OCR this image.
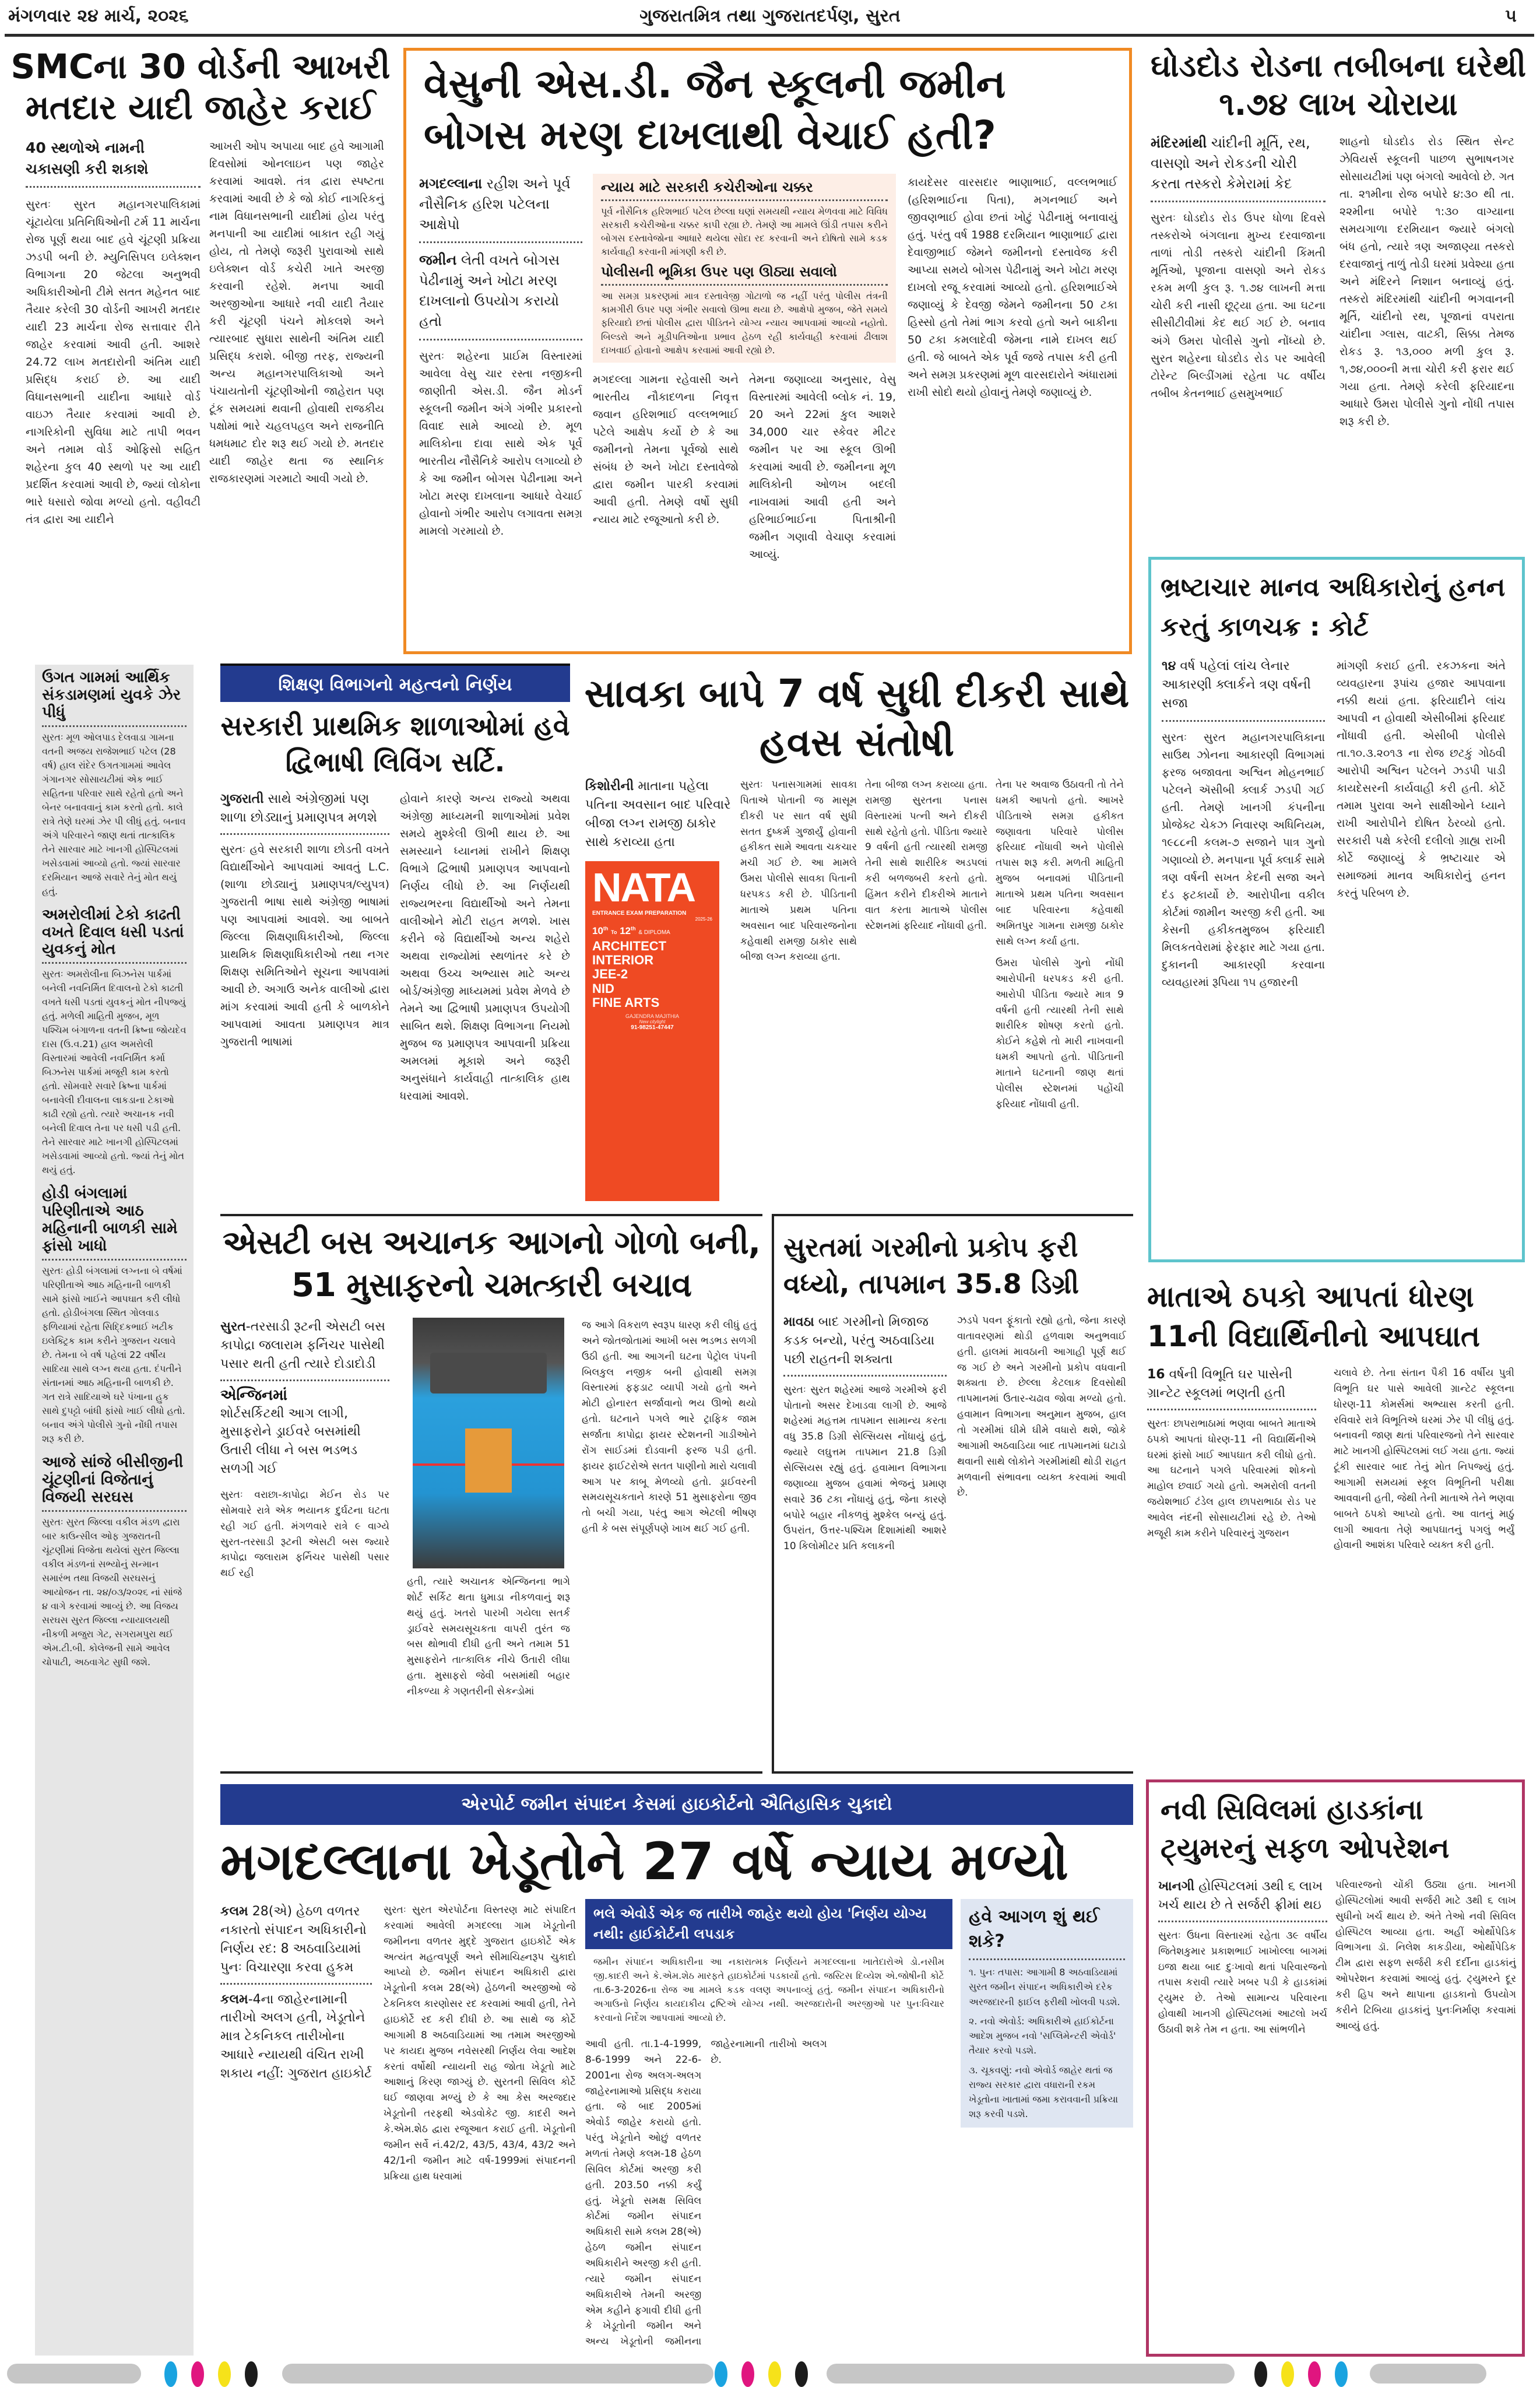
મંગળવાર ૨૪ માર્ચ, ૨૦૨૬	ગુજરાતમિત્ર તથા ગુજરાતદર્પણ, સુરત	૫
SMCના 30 વોર્ડની આખરી મતદાર યાદી જાહેર કરાઈ
40 સ્થળોએ નામની ચકાસણી કરી શકાશે
સુરતઃ સુરત મહાનગરપાલિકામાં ચૂંટાયેલા પ્રતિનિધિઓની ટર્મ 11 માર્ચના રોજ પૂર્ણ થયા બાદ હવે ચૂંટણી પ્રક્રિયા ઝડપી બની છે. મ્યુનિસિપલ ઇલેક્શન વિભાગના 20 જેટલા અનુભવી અધિકારીઓની ટીમે સતત મહેનત બાદ તૈયાર કરેલી 30 વોર્ડની આખરી મતદાર યાદી 23 માર્ચના રોજ સત્તાવાર રીતે જાહેર કરવામાં આવી હતી. આશરે 24.72 લાખ મતદારોની અંતિમ યાદી પ્રસિદ્ધ કરાઈ છે. આ યાદી વિધાનસભાની યાદીના આધારે વોર્ડ વાઇઝ તૈયાર કરવામાં આવી છે. નાગરિકોની સુવિધા માટે તાપી ભવન અને તમામ વોર્ડ ઓફિસો સહિત શહેરના કુલ 40 સ્થળો પર આ યાદી પ્રદર્શિત કરવામાં આવી છે, જ્યાં લોકોના ભારે ધસારો જોવા મળ્યો હતો. વહીવટી તંત્ર દ્વારા આ યાદીને
આખરી ઓપ અપાયા બાદ હવે આગામી દિવસોમાં ઓનલાઇન પણ જાહેર કરવામાં આવશે. તંત્ર દ્વારા સ્પષ્ટતા કરવામાં આવી છે કે જો કોઈ નાગરિકનું નામ વિધાનસભાની યાદીમાં હોય પરંતુ મનપાની આ યાદીમાં બાકાત રહી ગયું હોય, તો તેમણે જરૂરી પુરાવાઓ સાથે ઇલેક્શન વોર્ડ કચેરી ખાતે અરજી કરવાની રહેશે. મનપા આવી અરજીઓના આધારે નવી યાદી તૈયાર કરી ચૂંટણી પંચને મોકલશે અને ત્યારબાદ સુધારા સાથેની અંતિમ યાદી પ્રસિદ્ધ કરાશે. બીજી તરફ, રાજ્યની અન્ય મહાનગરપાલિકાઓ અને પંચાયતોની ચૂંટણીઓની જાહેરાત પણ ટૂંક સમયમાં થવાની હોવાથી રાજકીય પક્ષોમાં ભારે ચહલપહલ અને રાજનીતિ ધમધમાટ દોર શરૂ થઈ ગયો છે. મતદાર યાદી જાહેર થતા જ સ્થાનિક રાજકારણમાં ગરમાટો આવી ગયો છે.
વેસુની એસ.ડી. જૈન સ્કૂલની જમીન બોગસ મરણ દાખલાથી વેચાઈ હતી?
મગદલ્લાના રહીશ અને પૂર્વ નૌસૈનિક હરિશ પટેલના આક્ષેપો
જમીન લેતી વખતે બોગસ પેઢીનામું અને ખોટા મરણ દાખલાનો ઉપયોગ કરાયો હતો
સુરતઃ શહેરના પ્રાઈમ વિસ્તારમાં આવેલા વેસુ ચાર રસ્તા નજીકની જાણીતી એસ.ડી. જૈન મોડર્ન સ્કૂલની જમીન અંગે ગંભીર પ્રકારનો વિવાદ સામે આવ્યો છે. મૂળ માલિકોના દાવા સાથે એક પૂર્વ ભારતીય નૌસૈનિકે આરોપ લગાવ્યો છે કે આ જમીન બોગસ પેઢીનામા અને ખોટા મરણ દાખલાના આધારે વેચાઈ હોવાનો ગંભીર આરોપ લગાવતા સમગ્ર મામલો ગરમાયો છે.
ન્યાય માટે સરકારી કચેરીઓના ચક્કર
પૂર્વ નૌસૈનિક હરિશભાઈ પટેલ છેલ્લા ઘણાં સમયથી ન્યાય મેળવવા માટે વિવિધ સરકારી કચેરીઓના ચક્કર કાપી રહ્યા છે. તેમણે આ મામલે ઊંડી તપાસ કરીને બોગસ દસ્તાવેજોના આધારે થયેલા સોદા રદ કરવાની અને દોષિતો સામે કડક કાર્યવાહી કરવાની માંગણી કરી છે.
પોલીસની ભૂમિકા ઉપર પણ ઊઠ્યા સવાલો
આ સમગ્ર પ્રકરણમાં માત્ર દસ્તાવેજી ગોટાળો જ નહીં પરંતુ પોલીસ તંત્રની કામગીરી ઉપર પણ ગંભીર સવાલો ઊભા થયા છે. આક્ષેપો મુજબ, જેતે સમયે ફરિયાદો છતાં પોલીસ દ્વારા પીડિતને યોગ્ય ન્યાય આપવામાં આવ્યો નહોતો. બિલ્ડરો અને મૂડીપતિઓના પ્રભાવ હેઠળ રહી કાર્યવાહી કરવામાં ઢીલાશ દાખવાઈ હોવાનો આક્ષેપ કરવામાં આવી રહ્યો છે.
મગદલ્લા ગામના રહેવાસી અને ભારતીય નૌકાદળના નિવૃત્ત જવાન હરિશભાઈ વલ્લભભાઈ પટેલે આક્ષેપ કર્યો છે કે આ જમીનનો તેમના પૂર્વજો સાથે સંબંધ છે અને ખોટા દસ્તાવેજો દ્વારા જમીન પારકી કરવામાં આવી હતી. તેમણે વર્ષો સુધી ન્યાય માટે રજૂઆતો કરી છે.
તેમના જણાવ્યા અનુસાર, વેસુ વિસ્તારમાં આવેલી બ્લોક નં. 19, 20 અને 22માં કુલ આશરે 34,000 ચાર સ્કેવર મીટર જમીન પર આ સ્કૂલ ઊભી કરવામાં આવી છે. જમીનના મૂળ માલિકોની ઓળખ બદલી નાખવામાં આવી હતી અને હરિભાઈભાઈના પિતાશ્રીની જમીન ગણાવી વેચાણ કરવામાં આવ્યું.
કાયદેસર વારસદાર ભાણાભાઈ, વલ્લભભાઈ (હરિશભાઈના પિતા), મગનભાઈ અને જીવણભાઈ હોવા છતાં ખોટું પેઢીનામું બનાવાયું હતું. પરંતુ વર્ષ 1988 દરમિયાન ભાણાભાઈ દ્વારા દેવાજીભાઈ જેમને જમીનનો દસ્તાવેજ કરી આપ્યા સમયે બોગસ પેઢીનામું અને ખોટા મરણ દાખલો રજૂ કરવામાં આવ્યો હતો. હરિશભાઈએ જણાવ્યું કે દેવજી જેમને જમીનના 50 ટકા હિસ્સો હતો તેમાં ભાગ કરવો હતો અને બાકીના 50 ટકા કમલાદેવી જેમના નામે દાખલ થઈ હતી. જે બાબતે એક પૂર્વ જજે તપાસ કરી હતી અને સમગ્ર પ્રકરણમાં મૂળ વારસદારોને અંધારામાં રાખી સોદો થયો હોવાનું તેમણે જણાવ્યું છે.
ઘોડદોડ રોડના તબીબના ઘરેથી ૧.૭૪ લાખ ચોરાયા
મંદિરમાંથી ચાંદીની મૂર્તિ, રથ, વાસણો અને રોકડની ચોરી કરતા તસ્કરો કેમેરામાં કેદ
સુરતઃ ઘોડદોડ રોડ ઉપર ધોળા દિવસે તસ્કરોએ બંગલાના મુખ્ય દરવાજાના તાળાં તોડી તસ્કરો ચાંદીની કિંમતી મૂર્તિઓ, પૂજાના વાસણો અને રોકડ રકમ મળી કુલ રૂ. ૧.૭૪ લાખની મત્તા ચોરી કરી નાસી છૂટ્યા હતા. આ ઘટના સીસીટીવીમાં કેદ થઈ ગઈ છે. બનાવ અંગે ઉમરા પોલીસે ગુનો નોંધ્યો છે. સુરત શહેરના ઘોડદોડ રોડ પર આવેલી ટોરેન્ટ બિલ્ડીંગમાં રહેતા ૫૮ વર્ષીય તબીબ કેતનભાઈ હસમુખભાઈ
શાહનો ઘોડદોડ રોડ સ્થિત સેન્ટ ઝેવિયર્સ સ્કૂલની પાછળ સુભાષનગર સોસાયટીમાં પણ બંગલો આવેલો છે. ગત તા. ૨૧મીના રોજ બપોરે ૪:૩૦ થી તા. ૨૨મીના બપોરે ૧:૩૦ વાગ્યાના સમયગાળા દરમિયાન જ્યારે બંગલો બંધ હતો, ત્યારે ત્રણ અજાણ્યા તસ્કરો દરવાજાનું તાળું તોડી ઘરમાં પ્રવેશ્યા હતા અને મંદિરને નિશાન બનાવ્યું હતું. તસ્કરો મંદિરમાંથી ચાંદીની ભગવાનની મૂર્તિ, ચાંદીનો રથ, પૂજાનાં વપરાતા ચાંદીના ગ્લાસ, વાટકી, સિક્કા તેમજ રોકડ રૂ. ૧૩,૦૦૦ મળી કુલ રૂ. ૧,૭૪,૦૦૦ની મત્તા ચોરી કરી ફરાર થઈ ગયા હતા. તેમણે કરેલી ફરિયાદના આધારે ઉમરા પોલીસે ગુનો નોંધી તપાસ શરૂ કરી છે.
ભ્રષ્ટાચાર માનવ અધિકારોનું હનન કરતું કાળચક્ર : કોર્ટ
૧૪ વર્ષ પહેલાં લાંચ લેનાર આકારણી ક્લાર્કને ત્રણ વર્ષની સજા
સુરતઃ સુરત મહાનગરપાલિકાના સાઉથ ઝોનના આકારણી વિભાગમાં ફરજ બજાવતા અશ્વિન મોહનભાઈ પટેલને ઍસીબી ક્લાર્ક ઝડપી ગઈ હતી. તેમણે ખાનગી કંપનીના પ્રોજેક્ટ ચેકઝ નિવારણ અધિનિયમ, ૧૯૮૮ની કલમ-૭ સજાને પાત્ર ગુનો ગણાવ્યો છે. મનપાના પૂર્વ ક્લાર્ક સામે ત્રણ વર્ષની સખત કેદની સજા અને દંડ ફટકાર્યો છે. આરોપીના વકીલ કોર્ટમાં જામીન અરજી કરી હતી. આ કેસની હકીકતમુજબ ફરિયાદી મિલકતવેરામાં ફેરફાર માટે ગયા હતા. દુકાનની આકારણી કરવાના વ્યવહારમાં રૂપિયા ૧૫ હજારની
માંગણી કરાઈ હતી. રકઝકના અંતે વ્યવહારના રૂપાંચ હજાર આપવાના નક્કી થયાં હતા. ફરિયાદીને લાંચ આપવી ન હોવાથી એસીબીમાં ફરિયાદ નોંધાવી હતી. એસીબી પોલીસે તા.૧૦.૩.૨૦૧૩ ના રોજ છટકું ગોઠવી આરોપી અશ્વિન પટેલને ઝડપી પાડી કાયદેસરની કાર્યવાહી કરી હતી. કોર્ટે તમામ પુરાવા અને સાક્ષીઓને ધ્યાને રાખી આરોપીને દોષિત ઠેરવ્યો હતો. સરકારી પક્ષે કરેલી દલીલો ગ્રાહ્ય રાખી કોર્ટે જણાવ્યું કે ભ્રષ્ટાચાર એ સમાજમાં માનવ અધિકારોનું હનન કરતું પરિબળ છે.
ઉગત ગામમાં આર્થિક સંકડામણમાં યુવકે ઝેર પીધું
સુરતઃ મૂળ ઓલપાડ દેલવાડા ગામના વતની અજય રાજેશભાઈ પટેલ (28 વર્ષ) હાલ રાંદેર ઉગતગામમાં આવેલ ગંગાનગર સોસાયટીમાં એક ભાઈ સહિતના પરિવાર સાથે રહેતો હતો અને બેનર બનાવવાનું કામ કરતો હતો. કાલે રાત્રે તેણે ઘરમાં ઝેર પી લીધું હતું. બનાવ અંગે પરિવારને જાણ થતાં તાત્કાલિક તેને સારવાર માટે ખાનગી હોસ્પિટલમાં ખસેડવામાં આવ્યો હતો. જ્યાં સારવાર દરમિયાન આજે સવારે તેનું મોત થયું હતું.
અમરોલીમાં ટેકો કાઢતી વખતે દિવાલ ધસી પડતાં યુવકનું મોત
સુરતઃ અમરોલીના બિઝનેસ પાર્કમાં બનેલી નવનિર્મિત દિવાલનો ટેકો કાઢતી વખતે ધસી પડતાં યુવકનું મોત નીપજ્યું હતું. મળેલી માહિતી મુજબ, મૂળ પશ્ચિમ બંગાળના વતની ક્રિષ્ના જોયદેવ દાસ (ઉ.વ.21) હાલ અમરોલી વિસ્તારમાં આવેલી નવનિર્મિત કર્મા બિઝનેસ પાર્કમાં મજૂરી કામ કરતો હતો. સોમવારે સવારે ક્રિષ્ના પાર્કમાં બનાવેલી દીવાલના લાકડાના ટેકાઓ કાઢી રહ્યો હતો. ત્યારે અચાનક નવી બનેલી દિવાલ તેના પર ધસી પડી હતી. તેને સારવાર માટે ખાનગી હોસ્પિટલમાં ખસેડવામાં આવ્યો હતો. જ્યાં તેનું મોત થયું હતું.
હોડી બંગલામાં પરિણીતાએ આઠ મહિનાની બાળકી સામે ફાંસો ખાધો
સુરતઃ હોડી બંગલામાં લગ્નના બે વર્ષમાં પરિણીતાએ આઠ મહિનાની બાળકી સામે ફાંસો ખાઈને આપઘાત કરી લીધો હતો. હોડીબંગલા સ્થિત ગોલવાડ ફળિયામાં રહેતા સિદ્દિકભાઈ ખટીક ઇલેક્ટ્રિક કામ કરીને ગુજરાન ચલાવે છે. તેમના બે વર્ષ પહેલાં 22 વર્ષીય સાદિયા સાથે લગ્ન થયા હતા. દંપતીને સંતાનમાં આઠ મહિનાની બાળકી છે. ગત રાત્રે સાદિયાએ ઘરે પંખાના હુક સાથે દુપટ્ટો બાંધી ફાંસો ખાઈ લીધો હતો. બનાવ અંગે પોલીસે ગુનો નોંધી તપાસ શરૂ કરી છે.
આજે સાંજે બીસીજીની ચૂંટણીનાં વિજેતાનું વિજયી સરઘસ
સુરતઃ સુરત જિલ્લા વકીલ મંડળ દ્વારા બાર કાઉન્સીલ ઓફ ગુજરાતની ચૂંટણીમાં વિજેતા થયેલાં સુરત જિલ્લા વકીલ મંડળનાં સભ્યોનું સન્માન સમારંભ તથા વિજયી સરઘસનું આયોજન તા. ૨૪/૦૩/૨૦૨૬ નાં સાંજે ૪ વાગે કરવામાં આવ્યું છે. આ વિજય સરઘસ સુરત જિલ્લા ન્યાયાલયથી નીકળી મજુરા ગેટ, સગરામપુરા થઈ એમ.ટી.બી. કોલેજની સામે આવેલ ચોપાટી, અઠવાગેટ સુધી જશે.
શિક્ષણ વિભાગનો મહત્વનો નિર્ણય
સરકારી પ્રાથમિક શાળાઓમાં હવે દ્વિભાષી લિવિંગ સર્ટિ.
ગુજરાતી સાથે અંગ્રેજીમાં પણ શાળા છોડ્યાનું પ્રમાણપત્ર મળશે
સુરતઃ હવે સરકારી શાળા છોડતી વખતે વિદ્યાર્થીઓને આપવામાં આવતું L.C. (શાળા છોડ્યાનું પ્રમાણપત્ર/લ્યુપત્ર) ગુજરાતી ભાષા સાથે અંગ્રેજી ભાષામાં પણ આપવામાં આવશે. આ બાબતે જિલ્લા શિક્ષણાધિકારીઓ, જિલ્લા પ્રાથમિક શિક્ષણાધિકારીઓ તથા નગર શિક્ષણ સમિતિઓને સૂચના આપવામાં આવી છે. અગાઉ અનેક વાલીઓ દ્વારા માંગ કરવામાં આવી હતી કે બાળકોને આપવામાં આવતા પ્રમાણપત્ર માત્ર ગુજરાતી ભાષામાં
હોવાને કારણે અન્ય રાજ્યો અથવા અંગ્રેજી માધ્યમની શાળાઓમાં પ્રવેશ સમયે મુશ્કેલી ઊભી થાય છે. આ સમસ્યાને ધ્યાનમાં રાખીને શિક્ષણ વિભાગે દ્વિભાષી પ્રમાણપત્ર આપવાનો નિર્ણય લીધો છે. આ નિર્ણયથી રાજ્યભરના વિદ્યાર્થીઓ અને તેમના વાલીઓને મોટી રાહત મળશે. ખાસ કરીને જે વિદ્યાર્થીઓ અન્ય શહેરો અથવા રાજ્યોમાં સ્થળાંતર કરે છે અથવા ઉચ્ચ અભ્યાસ માટે અન્ય બોર્ડ/અંગ્રેજી માધ્યમમાં પ્રવેશ મેળવે છે તેમને આ દ્વિભાષી પ્રમાણપત્ર ઉપયોગી સાબિત થશે. શિક્ષણ વિભાગના નિયમો મુજબ જ પ્રમાણપત્ર આપવાની પ્રક્રિયા અમલમાં મૂકાશે અને જરૂરી અનુસંધાને કાર્યવાહી તાત્કાલિક હાથ ધરવામાં આવશે.
સાવકા બાપે 7 વર્ષ સુધી દીકરી સાથે હવસ સંતોષી
કિશોરીની માતાના પહેલા પતિના અવસાન બાદ પરિવારે બીજા લગ્ન રામજી ઠાકોર સાથે કરાવ્યા હતા
NATA
ENTRANCE EXAM PREPARATION
2025-26
10th To 12th & DIPLOMA
ARCHITECT
INTERIOR
JEE-2
NID
FINE ARTS
GAJENDRA MAJITHIA
New citylight
91-98251-47447
સુરતઃ પનાસગામમાં સાવકા પિતાએ પોતાની જ માસૂમ દીકરી પર સાત વર્ષ સુધી સતત દુષ્કર્મ ગુજાર્યું હોવાની હકીકત સામે આવતા ચકચાર મચી ગઈ છે. આ મામલે ઉમરા પોલીસે સાવકા પિતાની ધરપકડ કરી છે. પીડિતાની માતાએ પ્રથમ પતિના અવસાન બાદ પરિવારજનોના કહેવાથી રામજી ઠાકોર સાથે બીજા લગ્ન કરાવ્યા હતા.
તેના બીજા લગ્ન કરાવ્યા હતા. રામજી સુરતના પનાસ વિસ્તારમાં પત્ની અને દીકરી સાથે રહેતો હતો. પીડિતા જ્યારે 9 વર્ષની હતી ત્યારથી રામજી તેની સાથે શારીરિક અડપલાં કરી બળજબરી કરતો હતો. હિંમત કરીને દીકરીએ માતાને વાત કરતા માતાએ પોલીસ સ્ટેશનમાં ફરિયાદ નોંધાવી હતી.
તેના પર અવાજ ઉઠાવતી તો તેને ધમકી આપતો હતો. આખરે પીડિતાએ સમગ્ર હકીકત જણાવતા પરિવારે પોલીસ ફરિયાદ નોંધાવી અને પોલીસે તપાસ શરૂ કરી. મળતી માહિતી મુજબ બનાવમાં પીડિતાની માતાએ પ્રથમ પતિના અવસાન બાદ પરિવારના કહેવાથી અમિતપુર ગામના રામજી ઠાકોર સાથે લગ્ન કર્યા હતા.
ઉમરા પોલીસે ગુનો નોંધી આરોપીની ધરપકડ કરી હતી. આરોપી પીડિતા જ્યારે માત્ર 9 વર્ષની હતી ત્યારથી તેની સાથે શારીરિક શોષણ કરતો હતો. કોઈને કહેશે તો મારી નાખવાની ધમકી આપતો હતો. પીડિતાની માતાને ઘટનાની જાણ થતાં પોલીસ સ્ટેશનમાં પહોંચી ફરિયાદ નોંધાવી હતી.
એસટી બસ અચાનક આગનો ગોળો બની, 51 મુસાફરનો ચમત્કારી બચાવ
સુરત-તરસાડી રૂટની એસટી બસ કાપોદ્રા જલારામ ફર્નિચર પાસેથી પસાર થતી હતી ત્યારે દોડાદોડી
એન્જિનમાં
શોર્ટસર્કિટથી આગ લાગી, મુસાફરોને ડ્રાઈવરે બસમાંથી ઉતારી લીધા ને બસ ભડભડ સળગી ગઈ
સુરતઃ વરાછા-કાપોદ્રા મેઈન રોડ પર સોમવારે રાત્રે એક ભયાનક દુર્ઘટના ઘટતા રહી ગઈ હતી. મંગળવારે રાત્રે ૯ વાગ્યે સુરત-તરસાડી રૂટની એસટી બસ જ્યારે કાપોદ્રા જલારામ ફર્નિચર પાસેથી પસાર થઈ રહી
હતી, ત્યારે અચાનક એન્જિનના ભાગે શોર્ટ સર્કિટ થતા ધુમાડા નીકળવાનું શરૂ થયું હતું. ખતરો પારખી ગયેલા સતર્ક ડ્રાઈવરે સમયસૂચકતા વાપરી તુરંત જ બસ થોભાવી દીધી હતી અને તમામ 51 મુસાફરોને તાત્કાલિક નીચે ઉતારી લીધા હતા. મુસાફરો જેવી બસમાંથી બહાર નીકળ્યા કે ગણતરીની સેકન્ડોમાં
જ આગે વિકરાળ સ્વરૂપ ધારણ કરી લીધું હતું અને જોતજોતામાં આખી બસ ભડભડ સળગી ઉઠી હતી. આ આગની ઘટના પેટ્રોલ પંપની બિલકુલ નજીક બની હોવાથી સમગ્ર વિસ્તારમાં ફફડાટ વ્યાપી ગયો હતો અને મોટી હોનારત સર્જાવાનો ભય ઊભો થયો હતો. ઘટનાને પગલે ભારે ટ્રાફિક જામ સર્જાતા કાપોદ્રા ફાયર સ્ટેશનની ગાડીઓને રોંગ સાઈડમાં દોડવાની ફરજ પડી હતી. ફાયર ફાઈટરોએ સતત પાણીનો મારો ચલાવી આગ પર કાબૂ મેળવ્યો હતો. ડ્રાઈવરની સમયસૂચકતાને કારણે 51 મુસાફરોના જીવ તો બચી ગયા, પરંતુ આગ એટલી ભીષણ હતી કે બસ સંપૂર્ણપણે ખાખ થઈ ગઈ હતી.
સુરતમાં ગરમીનો પ્રકોપ ફરી વધ્યો, તાપમાન 35.8 ડિગ્રી
માવઠા બાદ ગરમીનો મિજાજ કડક બન્યો, પરંતુ અઠવાડિયા પછી રાહતની શક્યતા
સુરતઃ સુરત શહેરમાં આજે ગરમીએ ફરી પોતાનો અસર દેખાડવા લાગી છે. આજે શહેરમાં મહત્તમ તાપમાન સામાન્ય કરતા વધુ 35.8 ડિગ્રી સેલ્સિયસ નોંધાયું હતું, જ્યારે લઘુત્તમ તાપમાન 21.8 ડિગ્રી સેલ્સિયસ રહ્યું હતું. હવામાન વિભાગના જણાવ્યા મુજબ હવામાં ભેજનું પ્રમાણ સવારે 36 ટકા નોંધાયું હતું, જેના કારણે બપોરે બહાર નીકળવું મુશ્કેલ બન્યું હતું. ઉપરાંત, ઉત્તર-પશ્ચિમ દિશામાંથી આશરે 10 કિલોમીટર પ્રતિ કલાકની
ઝડપે પવન ફૂંકાતો રહ્યો હતો, જેના કારણે વાતાવરણમાં થોડી હળવાશ અનુભવાઈ હતી. હાલમાં માવઠાની આગાહી પૂર્ણ થઈ જ ગઈ છે અને ગરમીનો પ્રકોપ વધવાની શક્યતા છે. છેલ્લા કેટલાક દિવસોથી તાપમાનમાં ઉતાર-ચઢાવ જોવા મળ્યો હતો. હવામાન વિભાગના અનુમાન મુજબ, હાલ તો ગરમીમાં ઘીમે ઘીમે વધારો થશે, જોકે આગામી અઠવાડિયા બાદ તાપમાનમાં ઘટાડો થવાની સાથે લોકોને ગરમીમાંથી થોડી રાહત મળવાની સંભાવના વ્યક્ત કરવામાં આવી છે.
માતાએ ઠપકો આપતાં ધોરણ 11ની વિદ્યાર્થિનીનો આપઘાત
16 વર્ષની વિભૂતિ ઘર પાસેની ગ્રાન્ટેટ સ્કૂલમાં ભણતી હતી
સુરતઃ છાપરાભાઠામાં ભણવા બાબતે માતાએ ઠપકો આપતાં ધોરણ-11 ની વિદ્યાર્થિનીએ ઘરમાં ફાંસો ખાઈ આપઘાત કરી લીધો હતો. આ ઘટનાને પગલે પરિવારમાં શોકનો માહોલ છવાઈ ગયો હતો. અમરોલી વતની જયેશભાઈ ટંડેલ હાલ છાપરાભાઠા રોડ પર આવેલ નંદની સોસાયટીમાં રહે છે. તેઓ મજૂરી કામ કરીને પરિવારનું ગુજરાન
ચલાવે છે. તેના સંતાન પૈકી 16 વર્ષીય પુત્રી વિભૂતિ ઘર પાસે આવેલી ગ્રાન્ટેટ સ્કૂલના ધોરણ-11 કોમર્સમાં અભ્યાસ કરતી હતી. રવિવારે રાત્રે વિભૂતિએ ઘરમાં ઝેર પી લીધું હતું. બનાવની જાણ થતાં પરિવારજનો તેને સારવાર માટે ખાનગી હોસ્પિટલમાં લઈ ગયા હતા. જ્યાં ટૂંકી સારવાર બાદ તેનું મોત નિપજ્યું હતું. આગામી સમયમાં સ્કૂલ વિભૂતિની પરીક્ષા આવવાની હતી, જેથી તેની માતાએ તેને ભણવા બાબતે ઠપકો આપ્યો હતો. આ વાતનું માઠું લાગી આવતા તેણે આપઘાતનું પગલું ભર્યું હોવાની આશંકા પરિવારે વ્યક્ત કરી હતી.
નવી સિવિલમાં હાડકાંના ટ્યુમરનું સફળ ઓપરેશન
ખાનગી હોસ્પિટલમાં ૩થી ૬ લાખ ખર્ચ થાય છે તે સર્જરી ફ્રીમાં થઇ
સુરતઃ ઉધના વિસ્તારમાં રહેતા ૩૯ વર્ષીય જિતેશકુમાર પ્રકાશભાઈ ખાખોલ્લા બાગમાં ઇજા થયા બાદ દુઃખાવો થતાં પરિવારજનો તપાસ કરાવી ત્યારે ખબર પડી કે હાડકાંમાં ટ્યુમર છે. તેઓ સામાન્ય પરિવારના હોવાથી ખાનગી હોસ્પિટલમાં આટલો ખર્ચ ઉઠાવી શકે તેમ ન હતા. આ સાંભળીને
પરિવારજનો ચોંકી ઉઠ્યા હતા. ખાનગી હોસ્પિટલોમાં આવી સર્જરી માટે ૩થી ૬ લાખ સુધીનો ખર્ચ થાય છે. અંતે તેઓ નવી સિવિલ હોસ્પિટલ આવ્યા હતા. અહીં ઓર્થોપેડિક વિભાગના ડૉ. નિલેશ કાકડીયા, ઓર્થોપેડિક ટીમ દ્વારા સફળ સર્જરી કરી દર્દીના હાડકાંનું ઓપરેશન કરવામાં આવ્યું હતું. ટ્યુમરને દૂર કરી હિપ અને થાપાના હાડકાનો ઉપયોગ કરીને ટિબિયા હાડકાંનું પુનઃનિર્માણ કરવામાં આવ્યું હતું.
એરપોર્ટ જમીન સંપાદન કેસમાં હાઇકોર્ટનો ઐતિહાસિક ચુકાદો
મગદલ્લાના ખેડૂતોને 27 વર્ષે ન્યાય મળ્યો
કલમ 28(એ) હેઠળ વળતર નકારતો સંપાદન અધિકારીનો નિર્ણય રદ: 8 અઠવાડિયામાં પુનઃ વિચારણા કરવા હુકમ
કલમ-4ના જાહેરનામાની તારીખો અલગ હતી, ખેડૂતોને માત્ર ટેકનિકલ તારીખોના આધારે ન્યાયથી વંચિત રાખી શકાય નહીં: ગુજરાત હાઇકોર્ટ
સુરતઃ સુરત એરપોર્ટના વિસ્તરણ માટે સંપાદિત કરવામાં આવેલી મગદલ્લા ગામ ખેડૂતોની જમીનના વળતર મુદ્દે ગુજરાત હાઇકોર્ટે એક અત્યંત મહત્વપૂર્ણ અને સીમાચિહ્નરૂપ ચુકાદો આપ્યો છે. જમીન સંપાદન અધિકારી દ્વારા ખેડૂતોની કલમ 28(એ) હેઠળની અરજીઓ જે ટેકનિકલ કારણોસર રદ કરવામાં આવી હતી, તેને હાઇકોર્ટે રદ કરી દીધી છે. આ સાથે જ કોર્ટે આગામી 8 અઠવાડિયામાં આ તમામ અરજીઓ પર કાયદા મુજબ નવેસરથી નિર્ણય લેવા આદેશ કરતાં વર્ષોથી ન્યાયની રાહ જોતા ખેડૂતો માટે આશાનું કિરણ જાગ્યું છે. સુરતની સિવિલ કોર્ટે ઘઈ જાણવા મળ્યું છે કે આ કેસ અરજદાર ખેડૂતોની તરફથી એડવોકેટ જી. કાદરી અને કે.એમ.શેઠ દ્વારા રજૂઆત કરાઈ હતી. ખેડૂતોની જમીન સર્વે નં.42/2, 43/5, 43/4, 43/2 અને 42/1ની જમીન માટે વર્ષ-1999માં સંપાદનની પ્રક્રિયા હાથ ધરવામાં
ભલે એવોર્ડ એક જ તારીખે જાહેર થયો હોય 'નિર્ણય યોગ્ય નથી: હાઈકોર્ટની લપડાક
જમીન સંપાદન અધિકારીના આ નકારાત્મક નિર્ણયને મગદલ્લાના ખાતેદારોએ ડો.નસીમ જી.કાદરી અને કે.એમ.શેઠ મારફતે હાઇકોર્ટમાં પડકાર્યો હતો. જસ્ટિસ દિવ્યેશ એ.જોષીની કોર્ટે તા.6-3-2026ના રોજ આ મામલે કડક વલણ અપનાવ્યું હતું. જમીન સંપાદન અધિકારીનો અગાઉનો નિર્ણય કાયદાકીય દ્રષ્ટિએ યોગ્ય નથી. અરજદારોની અરજીઓ પર પુનઃવિચાર કરવાનો નિર્દેશ આપવામાં આવ્યો છે.
આવી હતી. તા.1-4-1999, 8-6-1999 અને 22-6-2001ના રોજ અલગ-અલગ જાહેરનામાઓ પ્રસિદ્ધ કરાયા હતા. જે બાદ 2005માં એવોર્ડ જાહેર કરાયો હતો. પરંતુ ખેડૂતોને ઓછું વળતર મળતાં તેમણે કલમ-18 હેઠળ સિવિલ કોર્ટમાં અરજી કરી હતી. 203.50 નક્કી કર્યું હતું. ખેડૂતો સમક્ષ સિવિલ કોર્ટમાં જમીન સંપાદન અધિકારી સામે કલમ 28(એ) હેઠળ જમીન સંપાદન અધિકારીને અરજી કરી હતી. ત્યારે જમીન સંપાદન અધિકારીએ તેમની અરજી એમ કહીને ફગાવી દીધી હતી કે ખેડૂતોની જમીન અને અન્ય ખેડૂતોની જમીનના જાહેરનામાની તારીખો અલગ છે.
હવે આગળ શું થઈ શકે?
૧. પુનઃ તપાસ: આગામી 8 અઠવાડિયામાં સુરત જમીન સંપાદન અધિકારીએ દરેક અરજદારની ફાઈલ ફરીથી ખોલવી પડશે.
૨. નવો એવોર્ડ: અધિકારીએ હાઈકોર્ટના આદેશ મુજબ નવો 'સપ્લિમેન્ટરી એવોર્ડ' તૈયાર કરવો પડશે.
૩. ચૂકવણું: નવો એવોર્ડ જાહેર થતાં જ રાજ્ય સરકાર દ્વારા વધારાની રકમ ખેડૂતોના ખાતામાં જમા કરાવવાની પ્રક્રિયા શરૂ કરવી પડશે.
